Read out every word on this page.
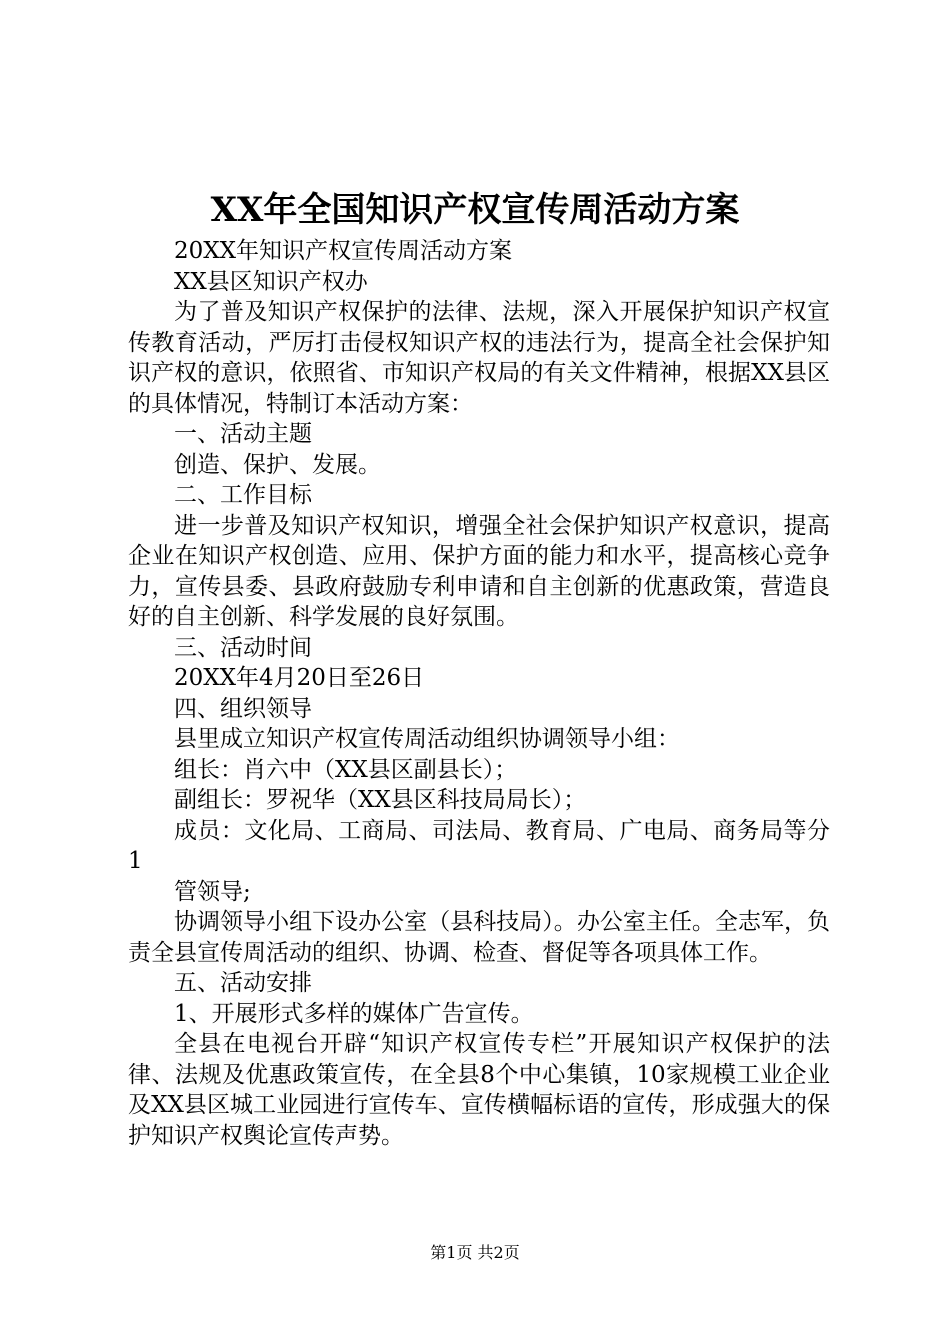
XX年全国知识产权宣传周活动方案

20XX年知识产权宣传周活动方案

XX县区知识产权办

为了普及知识产权保护的法律、法规，深入开展保护知识产权宣传教育活动，严厉打击侵权知识产权的违法行为，提高全社会保护知识产权的意识，依照省、市知识产权局的有关文件精神，根据XX县区的具体情况，特制订本活动方案：

一、活动主题

创造、保护、发展。

二、工作目标

进一步普及知识产权知识，增强全社会保护知识产权意识，提高企业在知识产权创造、应用、保护方面的能力和水平，提高核心竞争力，宣传县委、县政府鼓励专利申请和自主创新的优惠政策，营造良好的自主创新、科学发展的良好氛围。

三、活动时间

20XX年4月20日至26日

四、组织领导

县里成立知识产权宣传周活动组织协调领导小组：

组长：肖六中（XX县区副县长）；

副组长：罗祝华（XX县区科技局局长）；

成员：文化局、工商局、司法局、教育局、广电局、商务局等分1

管领导;

协调领导小组下设办公室（县科技局）。办公室主任。全志军，负责全县宣传周活动的组织、协调、检查、督促等各项具体工作。

五、活动安排

1、开展形式多样的媒体广告宣传。

全县在电视台开辟“知识产权宣传专栏”开展知识产权保护的法律、法规及优惠政策宣传，在全县8个中心集镇，10家规模工业企业及XX县区城工业园进行宣传车、宣传横幅标语的宣传，形成强大的保护知识产权舆论宣传声势。

第1页 共2页
